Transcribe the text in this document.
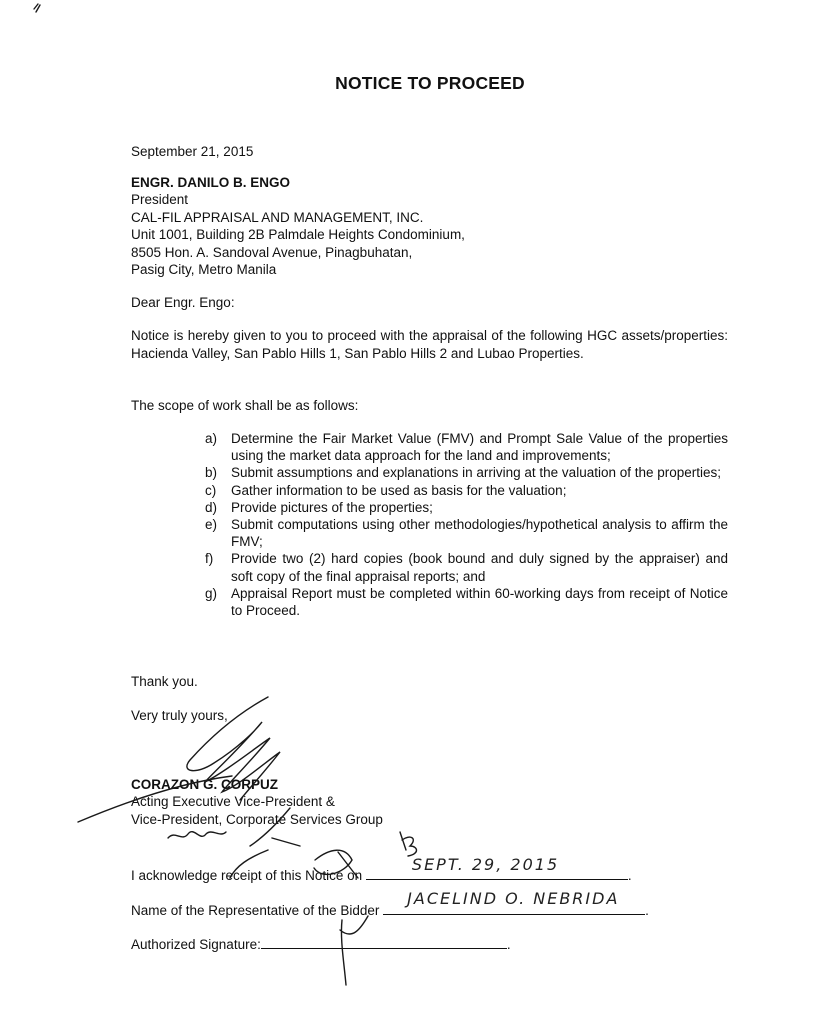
NOTICE TO PROCEED
September 21, 2015
ENGR. DANILO B. ENGO
President
CAL-FIL APPRAISAL AND MANAGEMENT, INC.
Unit 1001, Building 2B Palmdale Heights Condominium,
8505 Hon. A. Sandoval Avenue, Pinagbuhatan,
Pasig City, Metro Manila
Dear Engr. Engo:
Notice is hereby given to you to proceed with the appraisal of the following HGC assets/properties: Hacienda Valley, San Pablo Hills 1, San Pablo Hills 2 and Lubao Properties.
The scope of work shall be as follows:
a) Determine the Fair Market Value (FMV) and Prompt Sale Value of the properties using the market data approach for the land and improvements;
b) Submit assumptions and explanations in arriving at the valuation of the properties;
c) Gather information to be used as basis for the valuation;
d) Provide pictures of the properties;
e) Submit computations using other methodologies/hypothetical analysis to affirm the FMV;
f) Provide two (2) hard copies (book bound and duly signed by the appraiser) and soft copy of the final appraisal reports; and
g) Appraisal Report must be completed within 60-working days from receipt of Notice to Proceed.
Thank you.
Very truly yours,
CORAZON G. CORPUZ
Acting Executive Vice-President &
Vice-President, Corporate Services Group
I acknowledge receipt of this Notice on
SEPT. 29, 2015
.
Name of the Representative of the Bidder
JACELIND O. NEBRIDA
.
Authorized Signature:	.
